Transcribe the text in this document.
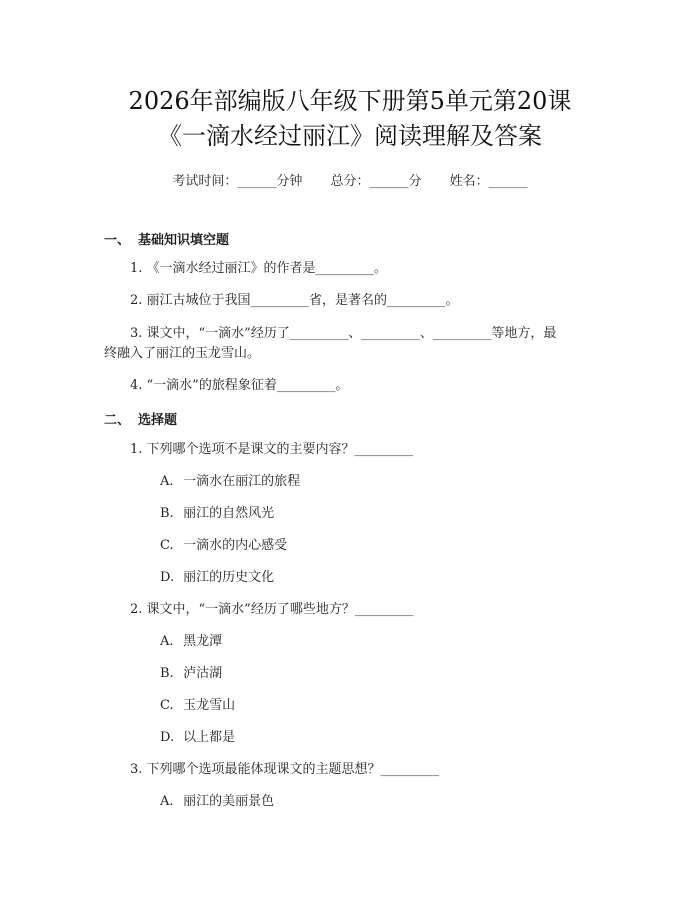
2026年部编版八年级下册第5单元第20课
《一滴水经过丽江》阅读理解及答案
考试时间：______分钟 总分：______分 姓名：______
一、 基础知识填空题
1. 《一滴水经过丽江》的作者是_________。
2. 丽江古城位于我国_________省，是著名的_________。
3. 课文中，“一滴水”经历了_________、_________、_________等地方，最
终融入了丽江的玉龙雪山。
4. “一滴水”的旅程象征着_________。
二、 选择题
1. 下列哪个选项不是课文的主要内容？_________
A. 一滴水在丽江的旅程
B. 丽江的自然风光
C. 一滴水的内心感受
D. 丽江的历史文化
2. 课文中，“一滴水”经历了哪些地方？_________
A. 黑龙潭
B. 泸沽湖
C. 玉龙雪山
D. 以上都是
3. 下列哪个选项最能体现课文的主题思想？_________
A. 丽江的美丽景色
